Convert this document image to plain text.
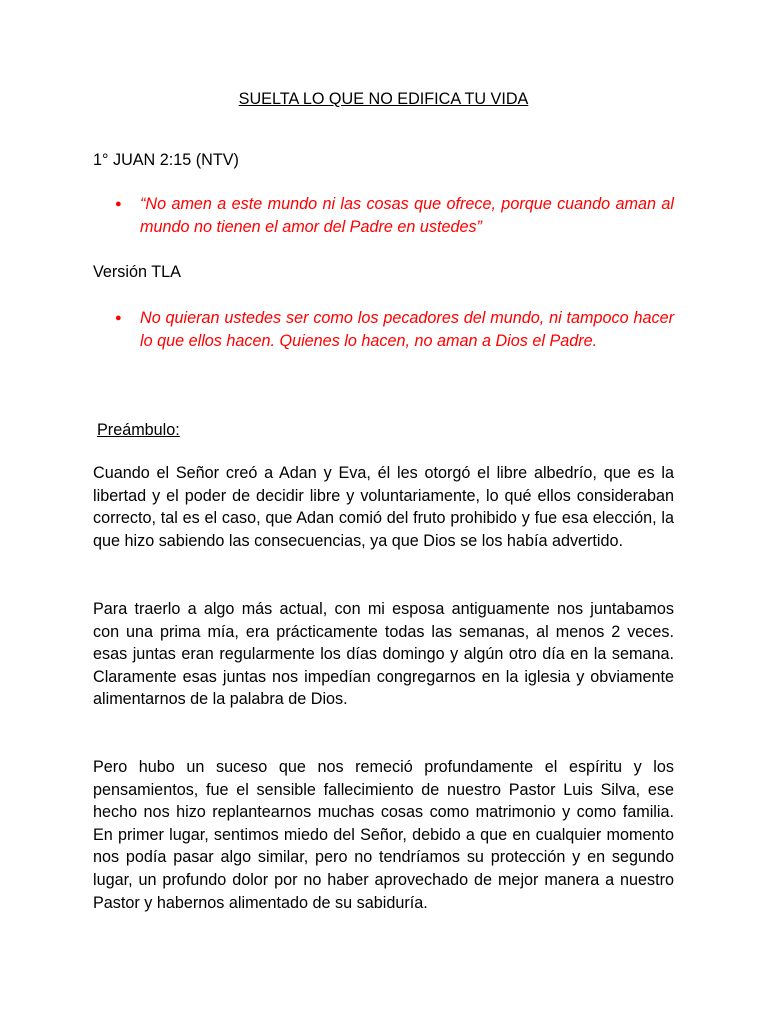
SUELTA LO QUE NO EDIFICA TU VIDA

1° JUAN 2:15 (NTV)

● “No amen a este mundo ni las cosas que ofrece, porque cuando aman al mundo no tienen el amor del Padre en ustedes”

Versión TLA

● No quieran ustedes ser como los pecadores del mundo, ni tampoco hacer lo que ellos hacen. Quienes lo hacen, no aman a Dios el Padre.

Preámbulo:

Cuando el Señor creó a Adan y Eva, él les otorgó el libre albedrío, que es la libertad y el poder de decidir libre y voluntariamente, lo qué ellos consideraban correcto, tal es el caso, que Adan comió del fruto prohibido y fue esa elección, la que hizo sabiendo las consecuencias, ya que Dios se los había advertido.

Para traerlo a algo más actual, con mi esposa antiguamente nos juntabamos con una prima mía, era prácticamente todas las semanas, al menos 2 veces. esas juntas eran regularmente los días domingo y algún otro día en la semana. Claramente esas juntas nos impedían congregarnos en la iglesia y obviamente alimentarnos de la palabra de Dios.

Pero hubo un suceso que nos remeció profundamente el espíritu y los pensamientos, fue el sensible fallecimiento de nuestro Pastor Luis Silva, ese hecho nos hizo replantearnos muchas cosas como matrimonio y como familia. En primer lugar, sentimos miedo del Señor, debido a que en cualquier momento nos podía pasar algo similar, pero no tendríamos su protección y en segundo lugar, un profundo dolor por no haber aprovechado de mejor manera a nuestro Pastor y habernos alimentado de su sabiduría.
